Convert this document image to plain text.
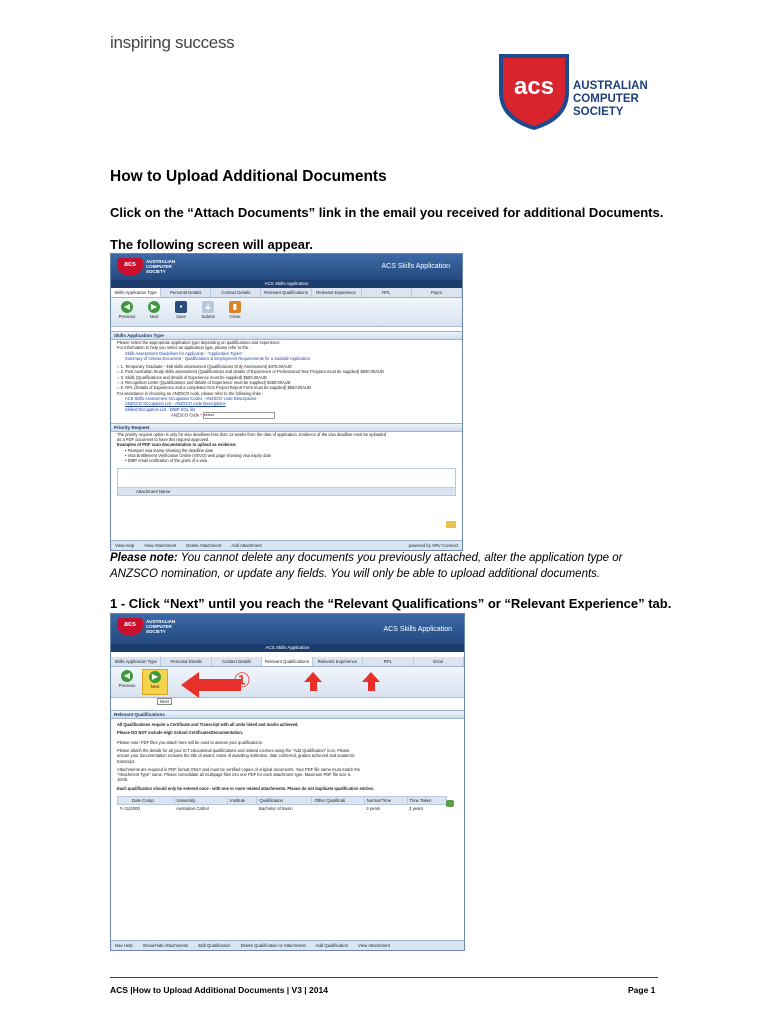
inspiring success
acs AUSTRALIAN
COMPUTER
SOCIETY
How to Upload Additional Documents
Click on the “Attach Documents” link in the email you received for additional Documents.
The following screen will appear.
acs	AUSTRALIAN
COMPUTER
SOCIETY
ACS Skills Application
ACS Skills Application
Skills Application Type	Personal Details	Contact Details	Relevant Qualifications	Relevant Experience	RPL	Paym
◀
Previous
▶
Next
▪
Save
▲
Submit
▮
Close
Skills Application Type
Please select the appropriate application type depending on qualifications and experience.
For information to help you select an application type, please refer to the -
Skills Assessment Guidelines for Applicants - "Application Types"
Summary of Criteria Document - Qualifications & Employment Requirements for a Suitable Application
○ 1. Temporary Graduate - 485 skills assessment (Qualifications Only Assessment) $475.00AUD
○ 2. Post Australian Study skills assessment (Qualifications and details of Experience or Professional Year Program must be supplied) $500.00AUD
○ 3. Skills (Qualifications and details of Experience must be supplied) $500.00AUD
○ 4. Recognition Letter (Qualifications and details of Experience must be supplied) $450.00AUD
○ 5. RPL (Details of Experience and a completed ACS Project Report Form must be supplied) $550.00AUD
For assistance in choosing an ANZSCO code, please refer to the following links -
ACS Skills Assessment Occupation Codes - ANZSCO code Descriptions
ANZSCO Occupation List - ANZSCO code Descriptions
Skilled Occupation List - DIBP SOL list
ANZSCO Code * select
Priority Request
The priority request option is only for visa deadlines less than 12 weeks from the date of application. Evidence of the visa deadline must be uploaded
as a PDF document to have this request approved.
Examples of PDF scan documentation to upload as evidence:
• Passport visa stamp showing the deadline date
• Visa Entitlement Verification Online (VEVO) web page showing visa expiry date
• DIBP email notification of the grant of a visa
Attachment Name
View Help View Attachment Delete Attachment Add Attachment	powered by XRV Connect
Please note: You cannot delete any documents you previously attached, alter the application type or ANZSCO nomination, or update any fields. You will only be able to upload additional documents.
1 - Click “Next” until you reach the “Relevant Qualifications” or “Relevant Experience” tab.
acs	AUSTRALIAN
COMPUTER
SOCIETY	ACS Skills Application
ACS Skills Application
Skills Application Type	Personal Details	Contact Details	Relevant Qualifications	Relevant Experience	RPL	Enrol
◀
Previous
▶
Next
Next
①
Relevant Qualifications
All Qualifications require a Certificate and Transcript with all units listed and marks achieved.
Please DO NOT include High School Certificates/Documentation.
Please note: PDF files you attach here will be used to assess your qualifications.
Please attach the details for all your ICT educational qualifications and related courses using the "Add Qualification" icon. Please
ensure your documentation includes the title of award, name of awarding institution, date conferred, grades achieved and academic
transcript.
Attachments are required in PDF format ONLY and must be certified copies of original documents. Your PDF file name must match the
"Attachment Type" name. Please consolidate all multipage files into one PDF for each attachment type. Maximum PDF file size is
10mb.
Each qualification should only be entered once - with one or more related attachments. Please do not duplicate qualification entries.
Date Comp	University	Institute	Qualification	Other Qualificati	Normal Time	Time Taken
✎ 01/2000	Australian Cathol		Bachelor of Busin		3 years	3 years
Nav Help Show/Hide Attachments Edit Qualification Delete Qualification or Attachment Add Qualification View Attachment
ACS |How to Upload Additional Documents | V3 | 2014	Page 1
